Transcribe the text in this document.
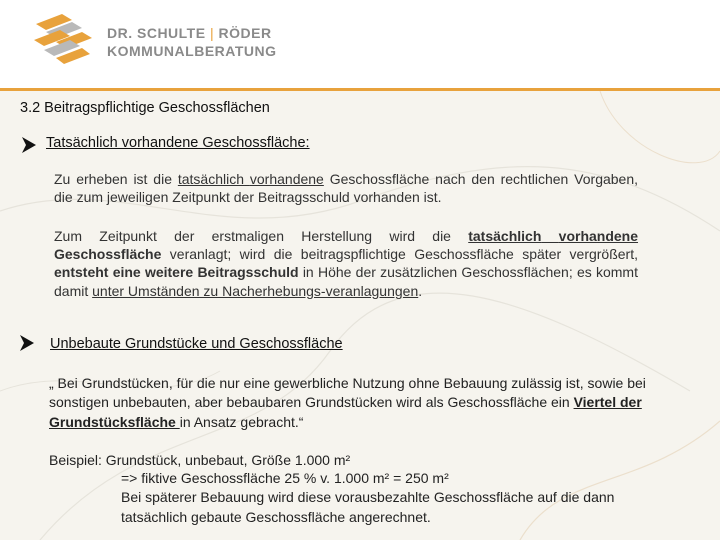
DR. SCHULTE | RÖDER
KOMMUNALBERATUNG
3.2 Beitragspflichtige Geschossflächen
Tatsächlich vorhandene Geschossfläche:
Zu erheben ist die tatsächlich vorhandene Geschossfläche nach den rechtlichen Vorgaben, die zum jeweiligen Zeitpunkt der Beitragsschuld vorhanden ist.
Zum Zeitpunkt der erstmaligen Herstellung wird die tatsächlich vorhandene Geschossfläche veranlagt; wird die beitragspflichtige Geschossfläche später vergrößert, entsteht eine weitere Beitragsschuld in Höhe der zusätzlichen Geschossflächen; es kommt damit unter Umständen zu Nacherhebungs-veranlagungen.
Unbebaute Grundstücke und Geschossfläche
„ Bei Grundstücken, für die nur eine gewerbliche Nutzung ohne Bebauung zulässig ist, sowie bei sonstigen unbebauten, aber bebaubaren Grundstücken wird als Geschossfläche ein Viertel der Grundstücksfläche in Ansatz gebracht.“
Beispiel: Grundstück, unbebaut, Größe 1.000 m²
=> fiktive Geschossfläche 25 % v. 1.000 m² = 250 m²
Bei späterer Bebauung wird diese vorausbezahlte Geschossfläche auf die dann
tatsächlich gebaute Geschossfläche angerechnet.
